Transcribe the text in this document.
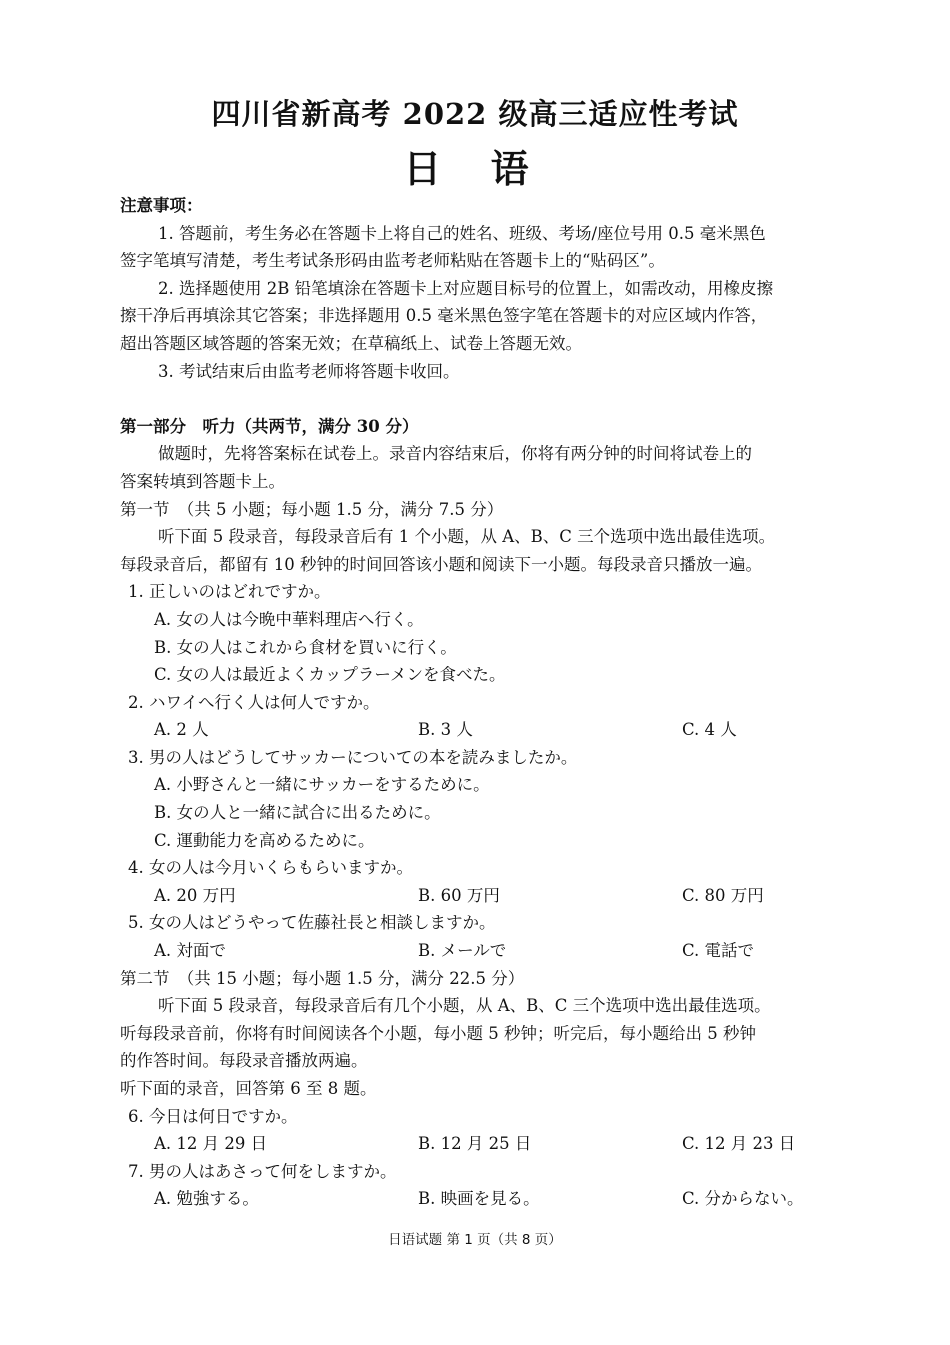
四川省新高考 2022 级高三适应性考试
日 语
注意事项：
1. 答题前，考生务必在答题卡上将自己的姓名、班级、考场/座位号用 0.5 毫米黑色
签字笔填写清楚，考生考试条形码由监考老师粘贴在答题卡上的“贴码区”。
2. 选择题使用 2B 铅笔填涂在答题卡上对应题目标号的位置上，如需改动，用橡皮擦
擦干净后再填涂其它答案；非选择题用 0.5 毫米黑色签字笔在答题卡的对应区域内作答，
超出答题区域答题的答案无效；在草稿纸上、试卷上答题无效。
3. 考试结束后由监考老师将答题卡收回。
第一部分　听力（共两节，满分 30 分）
做题时，先将答案标在试卷上。录音内容结束后，你将有两分钟的时间将试卷上的
答案转填到答题卡上。
第一节　（共 5 小题；每小题 1.5 分，满分 7.5 分）
听下面 5 段录音，每段录音后有 1 个小题，从 A、B、C 三个选项中选出最佳选项。
每段录音后，都留有 10 秒钟的时间回答该小题和阅读下一小题。每段录音只播放一遍。
1. 正しいのはどれですか。
A. 女の人は今晩中華料理店へ行く。
B. 女の人はこれから食材を買いに行く。
C. 女の人は最近よくカップラーメンを食べた。
2. ハワイへ行く人は何人ですか。
A. 2 人	B. 3 人	C. 4 人
3. 男の人はどうしてサッカーについての本を読みましたか。
A. 小野さんと一緒にサッカーをするために。
B. 女の人と一緒に試合に出るために。
C. 運動能力を高めるために。
4. 女の人は今月いくらもらいますか。
A. 20 万円	B. 60 万円	C. 80 万円
5. 女の人はどうやって佐藤社長と相談しますか。
A. 対面で	B. メールで	C. 電話で
第二节　（共 15 小题；每小题 1.5 分，满分 22.5 分）
听下面 5 段录音，每段录音后有几个小题，从 A、B、C 三个选项中选出最佳选项。
听每段录音前，你将有时间阅读各个小题，每小题 5 秒钟；听完后，每小题给出 5 秒钟
的作答时间。每段录音播放两遍。
听下面的录音，回答第 6 至 8 题。
6. 今日は何日ですか。
A. 12 月 29 日	B. 12 月 25 日	C. 12 月 23 日
7. 男の人はあさって何をしますか。
A. 勉強する。	B. 映画を見る。	C. 分からない。
日语试题 第 1 页（共 8 页）
